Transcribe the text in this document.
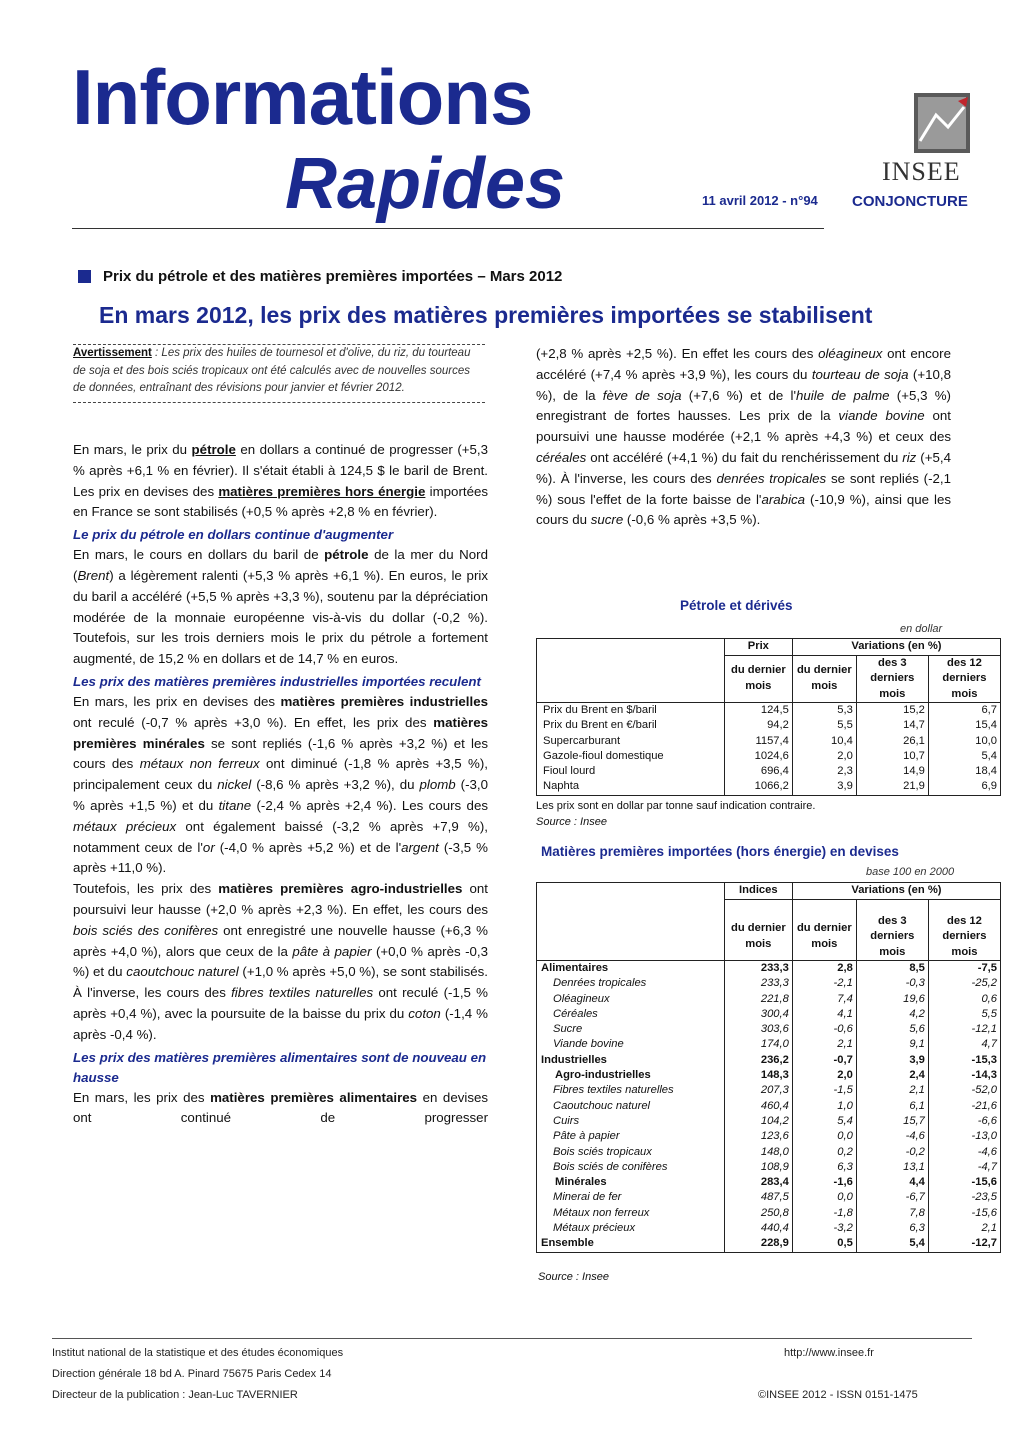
Informations
Rapides	11 avril 2012 - n°94
INSEE
CONJONCTURE
Prix du pétrole et des matières premières importées – Mars 2012
En mars 2012, les prix des matières premières importées se stabilisent
Avertissement : Les prix des huiles de tournesol et d'olive, du riz, du tourteau de soja et des bois sciés tropicaux ont été calculés avec de nouvelles sources de données, entraînant des révisions pour janvier et février 2012.

En mars, le prix du pétrole en dollars a continué de progresser (+5,3 % après +6,1 % en février). Il s'était établi à 124,5 $ le baril de Brent. Les prix en devises des matières premières hors énergie importées en France se sont stabilisés (+0,5 % après +2,8 % en février).

Le prix du pétrole en dollars continue d'augmenter

En mars, le cours en dollars du baril de pétrole de la mer du Nord (Brent) a légèrement ralenti (+5,3 % après +6,1 %). En euros, le prix du baril a accéléré (+5,5 % après +3,3 %), soutenu par la dépréciation modérée de la monnaie européenne vis-à-vis du dollar (-0,2 %). Toutefois, sur les trois derniers mois le prix du pétrole a fortement augmenté, de 15,2 % en dollars et de 14,7 % en euros.

Les prix des matières premières industrielles importées reculent

En mars, les prix en devises des matières premières industrielles ont reculé (-0,7 % après +3,0 %). En effet, les prix des matières premières minérales se sont repliés (-1,6 % après +3,2 %) et les cours des métaux non ferreux ont diminué (-1,8 % après +3,5 %), principalement ceux du nickel (-8,6 % après +3,2 %), du plomb (-3,0 % après +1,5 %) et du titane (-2,4 % après +2,4 %). Les cours des métaux précieux ont également baissé (-3,2 % après +7,9 %), notamment ceux de l'or (-4,0 % après +5,2 %) et de l'argent (-3,5 % après +11,0 %).

Toutefois, les prix des matières premières agro-industrielles ont poursuivi leur hausse (+2,0 % après +2,3 %). En effet, les cours des bois sciés des conifères ont enregistré une nouvelle hausse (+6,3 % après +4,0 %), alors que ceux de la pâte à papier (+0,0 % après -0,3 %) et du caoutchouc naturel (+1,0 % après +5,0 %), se sont stabilisés. À l'inverse, les cours des fibres textiles naturelles ont reculé (-1,5 % après +0,4 %), avec la poursuite de la baisse du prix du coton (-1,4 % après -0,4 %).

Les prix des matières premières alimentaires sont de nouveau en hausse

En mars, les prix des matières premières alimentaires en devises ont continué de progresser

(+2,8 % après +2,5 %). En effet les cours des oléagineux ont encore accéléré (+7,4 % après +3,9 %), les cours du tourteau de soja (+10,8 %), de la fève de soja (+7,6 %) et de l'huile de palme (+5,3 %) enregistrant de fortes hausses. Les prix de la viande bovine ont poursuivi une hausse modérée (+2,1 % après +4,3 %) et ceux des céréales ont accéléré (+4,1 %) du fait du renchérissement du riz (+5,4 %). À l'inverse, les cours des denrées tropicales se sont repliés (-2,1 %) sous l'effet de la forte baisse de l'arabica (-10,9 %), ainsi que les cours du sucre (-0,6 % après +3,5 %).

Pétrole et dérivés
en dollar
	Prix	Variations (en %)		
	du dernier mois	du dernier mois	des 3 derniers mois	des 12 derniers mois
Prix du Brent en $/baril	124,5	5,3	15,2	6,7
Prix du Brent en €/baril	94,2	5,5	14,7	15,4
Supercarburant	1157,4	10,4	26,1	10,0
Gazole-fioul domestique	1024,6	2,0	10,7	5,4
Fioul lourd	696,4	2,3	14,9	18,4
Naphta	1066,2	3,9	21,9	6,9
Les prix sont en dollar par tonne sauf indication contraire.
Source : Insee
Matières premières importées (hors énergie) en devises
base 100 en 2000
	Indices	Variations (en %)		
	du dernier mois	du dernier mois	des 3 derniers mois	des 12 derniers mois
Alimentaires	233,3	2,8	8,5	-7,5
Denrées tropicales	233,3	-2,1	-0,3	-25,2
Oléagineux	221,8	7,4	19,6	0,6
Céréales	300,4	4,1	4,2	5,5
Sucre	303,6	-0,6	5,6	-12,1
Viande bovine	174,0	2,1	9,1	4,7
Industrielles	236,2	-0,7	3,9	-15,3
Agro-industrielles	148,3	2,0	2,4	-14,3
Fibres textiles naturelles	207,3	-1,5	2,1	-52,0
Caoutchouc naturel	460,4	1,0	6,1	-21,6
Cuirs	104,2	5,4	15,7	-6,6
Pâte à papier	123,6	0,0	-4,6	-13,0
Bois sciés tropicaux	148,0	0,2	-0,2	-4,6
Bois sciés de conifères	108,9	6,3	13,1	-4,7
Minérales	283,4	-1,6	4,4	-15,6
Minerai de fer	487,5	0,0	-6,7	-23,5
Métaux non ferreux	250,8	-1,8	7,8	-15,6
Métaux précieux	440,4	-3,2	6,3	2,1
Ensemble	228,9	0,5	5,4	-12,7
Source : Insee
Institut national de la statistique et des études économiques
Direction générale 18 bd A. Pinard 75675 Paris Cedex 14
Directeur de la publication : Jean-Luc TAVERNIER
http://www.insee.fr
©INSEE 2012 - ISSN 0151-1475
